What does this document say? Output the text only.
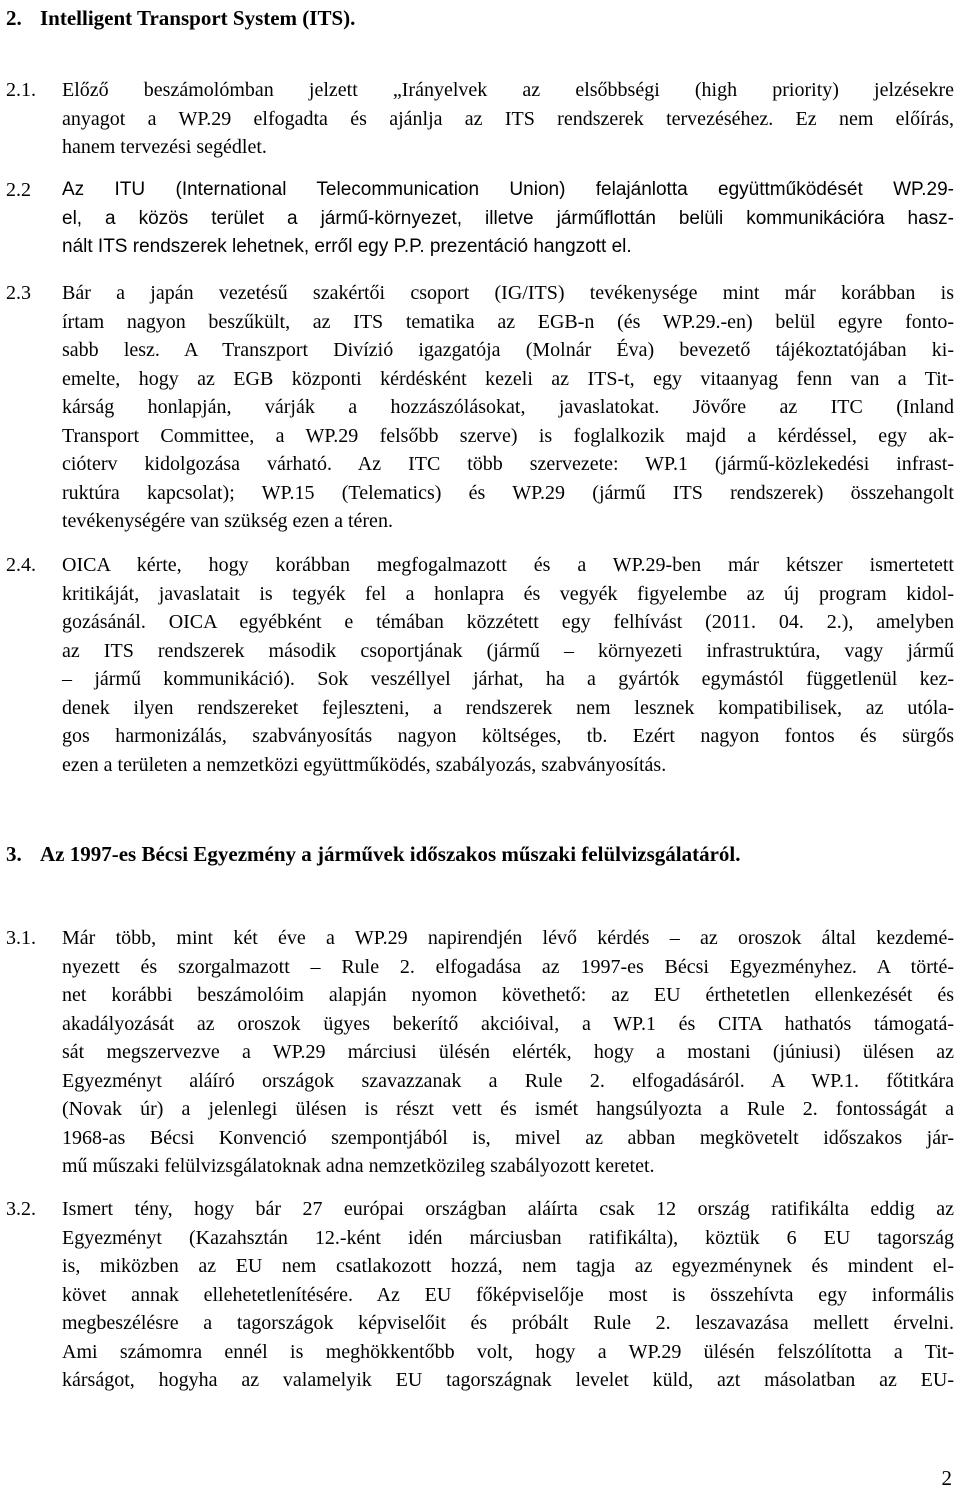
2. Intelligent Transport System (ITS).
2.1. Előző beszámolómban jelzett „Irányelvek az elsőbbségi (high priority) jelzésekre
anyagot a WP.29 elfogadta és ajánlja az ITS rendszerek tervezéséhez. Ez nem előírás,
hanem tervezési segédlet.
2.2 Az ITU (International Telecommunication Union) felajánlotta együttműködését WP.29-
el, a közös terület a jármű-környezet, illetve járműflottán belüli kommunikációra hasz-
nált ITS rendszerek lehetnek, erről egy P.P. prezentáció hangzott el.
2.3 Bár a japán vezetésű szakértői csoport (IG/ITS) tevékenysége mint már korábban is
írtam nagyon beszűkült, az ITS tematika az EGB-n (és WP.29.-en) belül egyre fonto-
sabb lesz. A Transzport Divízió igazgatója (Molnár Éva) bevezető tájékoztatójában ki-
emelte, hogy az EGB központi kérdésként kezeli az ITS-t, egy vitaanyag fenn van a Tit-
kárság honlapján, várják a hozzászólásokat, javaslatokat. Jövőre az ITC (Inland
Transport Committee, a WP.29 felsőbb szerve) is foglalkozik majd a kérdéssel, egy ak-
cióterv kidolgozása várható. Az ITC több szervezete: WP.1 (jármű-közlekedési infrast-
ruktúra kapcsolat); WP.15 (Telematics) és WP.29 (jármű ITS rendszerek) összehangolt
tevékenységére van szükség ezen a téren.
2.4. OICA kérte, hogy korábban megfogalmazott és a WP.29-ben már kétszer ismertetett
kritikáját, javaslatait is tegyék fel a honlapra és vegyék figyelembe az új program kidol-
gozásánál. OICA egyébként e témában közzétett egy felhívást (2011. 04. 2.), amelyben
az ITS rendszerek második csoportjának (jármű – környezeti infrastruktúra, vagy jármű
– jármű kommunikáció). Sok veszéllyel járhat, ha a gyártók egymástól függetlenül kez-
denek ilyen rendszereket fejleszteni, a rendszerek nem lesznek kompatibilisek, az utóla-
gos harmonizálás, szabványosítás nagyon költséges, tb. Ezért nagyon fontos és sürgős
ezen a területen a nemzetközi együttműködés, szabályozás, szabványosítás.
3. Az 1997-es Bécsi Egyezmény a járművek időszakos műszaki felülvizsgálatáról.
3.1. Már több, mint két éve a WP.29 napirendjén lévő kérdés – az oroszok által kezdemé-
nyezett és szorgalmazott – Rule 2. elfogadása az 1997-es Bécsi Egyezményhez. A törté-
net korábbi beszámolóim alapján nyomon követhető: az EU érthetetlen ellenkezését és
akadályozását az oroszok ügyes bekerítő akcióival, a WP.1 és CITA hathatós támogatá-
sát megszervezve a WP.29 márciusi ülésén elérték, hogy a mostani (júniusi) ülésen az
Egyezményt aláíró országok szavazzanak a Rule 2. elfogadásáról. A WP.1. főtitkára
(Novak úr) a jelenlegi ülésen is részt vett és ismét hangsúlyozta a Rule 2. fontosságát a
1968-as Bécsi Konvenció szempontjából is, mivel az abban megkövetelt időszakos jár-
mű műszaki felülvizsgálatoknak adna nemzetközileg szabályozott keretet.
3.2. Ismert tény, hogy bár 27 európai országban aláírta csak 12 ország ratifikálta eddig az
Egyezményt (Kazahsztán 12.-ként idén márciusban ratifikálta), köztük 6 EU tagország
is, miközben az EU nem csatlakozott hozzá, nem tagja az egyezménynek és mindent el-
követ annak ellehetetlenítésére. Az EU főképviselője most is összehívta egy informális
megbeszélésre a tagországok képviselőit és próbált Rule 2. leszavazása mellett érvelni.
Ami számomra ennél is meghökkentőbb volt, hogy a WP.29 ülésén felszólította a Tit-
kárságot, hogyha az valamelyik EU tagországnak levelet küld, azt másolatban az EU-
2
